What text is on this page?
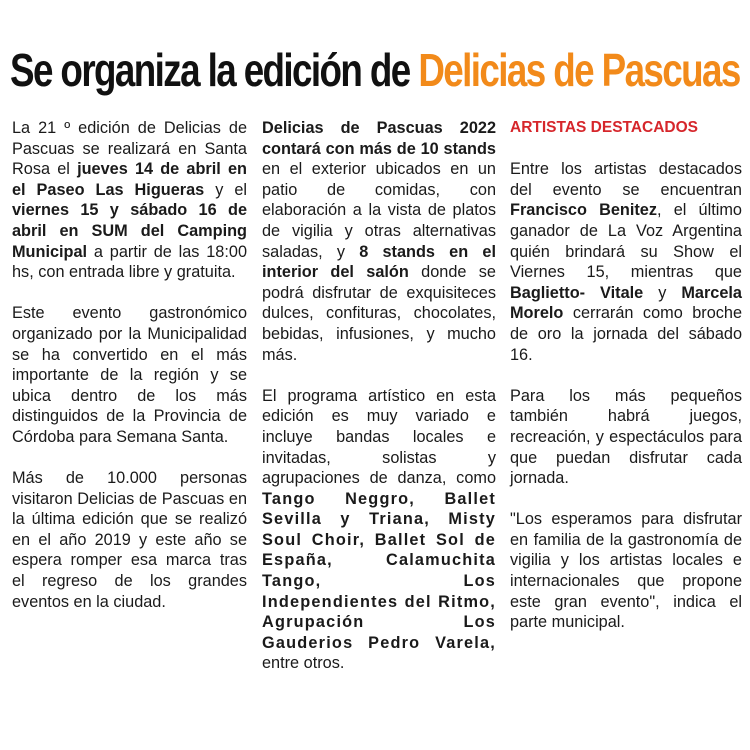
Se organiza la edición de Delicias de Pascuas

La 21 º edición de Delicias de Pascuas se realizará en Santa Rosa el jueves 14 de abril en el Paseo Las Higueras y el viernes 15 y sábado 16 de abril en SUM del Camping Municipal a partir de las 18:00 hs, con entrada libre y gratuita.

Este evento gastronómico organizado por la Municipalidad se ha convertido en el más importante de la región y se ubica dentro de los más distinguidos de la Provincia de Córdoba para Semana Santa.

Más de 10.000 personas visitaron Delicias de Pascuas en la última edición que se realizó en el año 2019 y este año se espera romper esa marca tras el regreso de los grandes eventos en la ciudad.

Delicias de Pascuas 2022 contará con más de 10 stands en el exterior ubicados en un patio de comidas, con elaboración a la vista de platos de vigilia y otras alternativas saladas, y 8 stands en el interior del salón donde se podrá disfrutar de exquisiteces dulces, confituras, chocolates, bebidas, infusiones, y mucho más.

El programa artístico en esta edición es muy variado e incluye bandas locales e invitadas, solistas y agrupaciones de danza, como Tango Neggro, Ballet Sevilla y Triana, Misty Soul Choir, Ballet Sol de España, Calamuchita Tango, Los Independientes del Ritmo, Agrupación Los Gauderios Pedro Varela, entre otros.

ARTISTAS DESTACADOS

Entre los artistas destacados del evento se encuentran Francisco Benitez, el último ganador de La Voz Argentina quién brindará su Show el Viernes 15, mientras que Baglietto- Vitale y Marcela Morelo cerrarán como broche de oro la jornada del sábado 16.

Para los más pequeños también habrá juegos, recreación, y espectáculos para que puedan disfrutar cada jornada.

"Los esperamos para disfrutar en familia de la gastronomía de vigilia y los artistas locales e internacionales que propone este gran evento", indica el parte municipal.
